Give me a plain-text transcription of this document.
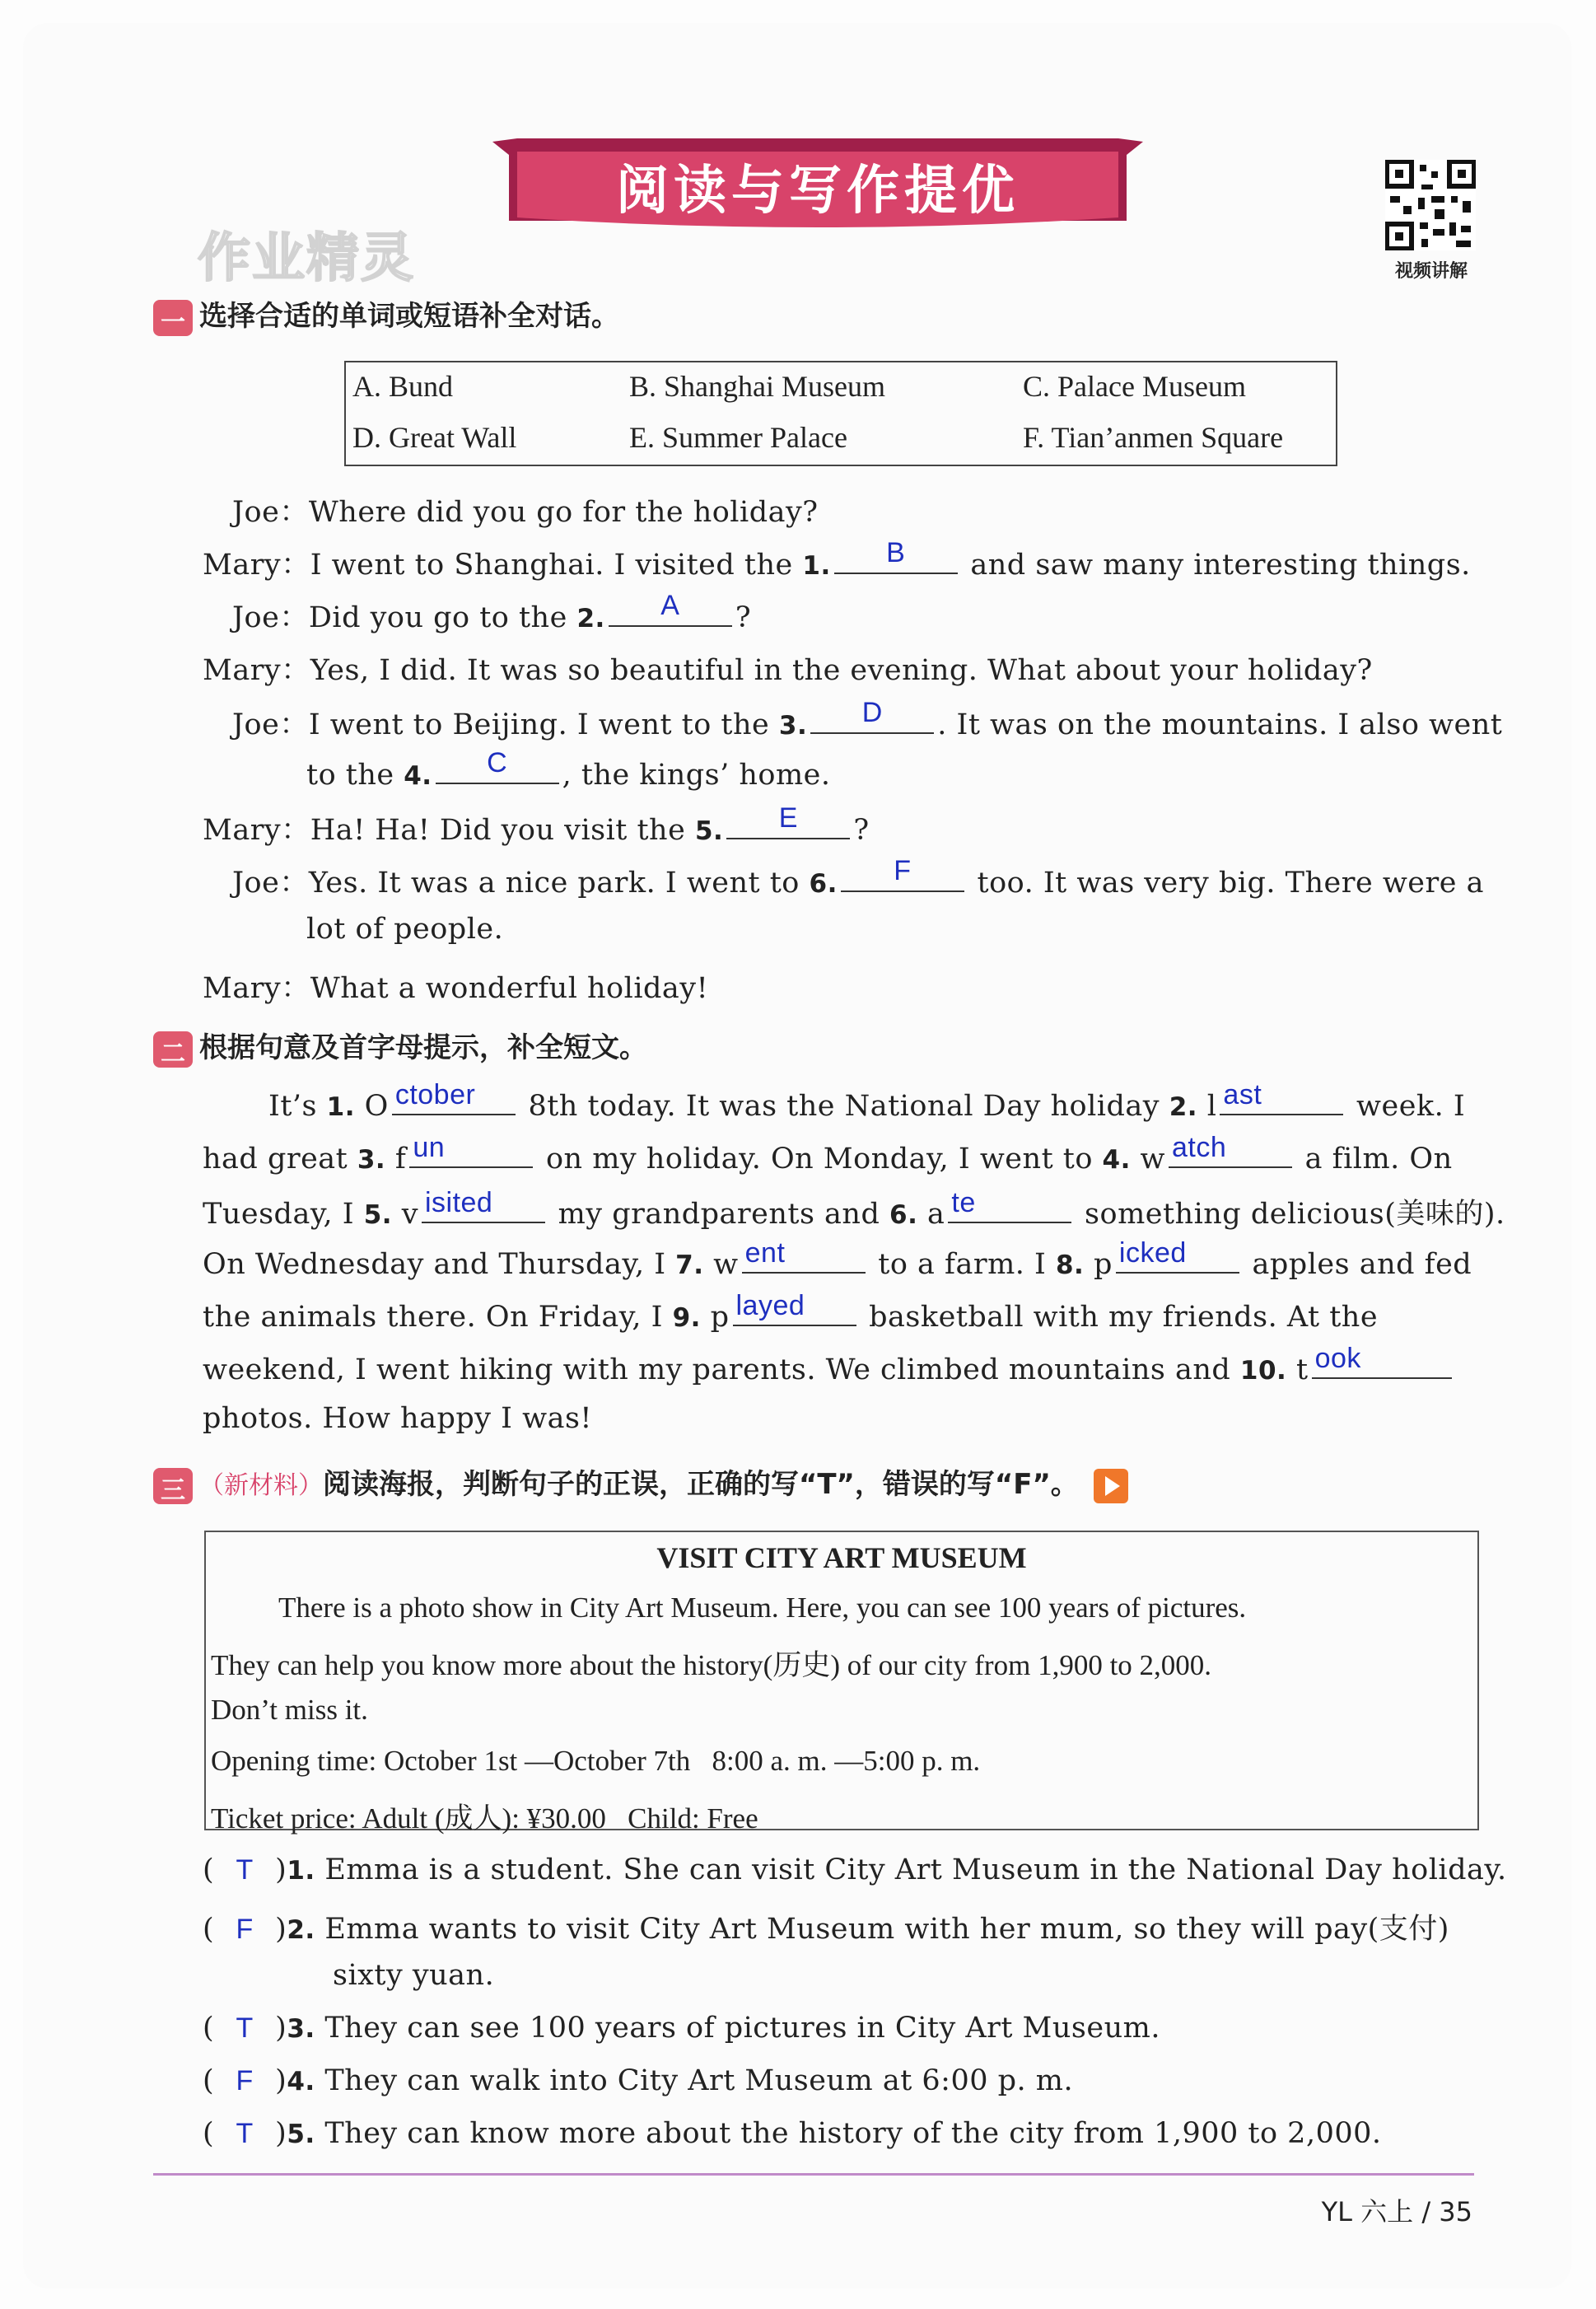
阅读与写作提优
视频讲解
作业精灵
一 选择合适的单词或短语补全对话。
A. Bund	B. Shanghai Museum	C. Palace Museum
D. Great Wall	E. Summer Palace	F. Tian’anmen Square
Joe：Where did you go for the holiday?
Mary：I went to Shanghai. I visited the 1.	B	and saw many interesting things.
Joe：Did you go to the 2.	A	?
Mary：Yes, I did. It was so beautiful in the evening. What about your holiday?
Joe：I went to Beijing. I went to the 3.	D	. It was on the mountains. I also went
to the 4.	C	, the kings’ home.
Mary：Ha! Ha! Did you visit the 5.	E	?
Joe：Yes. It was a nice park. I went to 6.	F	too. It was very big. There were a
lot of people.
Mary：What a wonderful holiday!
二 根据句意及首字母提示，补全短文。
It’s 1. O ctober 8th today. It was the National Day holiday 2. l ast	week. I
had great 3. f un	on my holiday. On Monday, I went to 4. w atch	a film. On
Tuesday, I 5. v isited my grandparents and 6. a te	something delicious(美味的).
On Wednesday and Thursday, I 7. w ent	to a farm. I 8. p icked apples and fed
the animals there. On Friday, I 9. p layed basketball with my friends. At the
weekend, I went hiking with my parents. We climbed mountains and 10. t ook
photos. How happy I was!
三 （新材料）阅读海报，判断句子的正误，正确的写“T”，错误的写“F”。
VISIT CITY ART MUSEUM
There is a photo show in City Art Museum. Here, you can see 100 years of pictures.
They can help you know more about the history(历史) of our city from 1,900 to 2,000.
Don’t miss it.
Opening time: October 1st —October 7th   8:00 a. m. —5:00 p. m.
Ticket price: Adult (成人): ¥30.00   Child: Free
( T )1. Emma is a student. She can visit City Art Museum in the National Day holiday.
( F )2. Emma wants to visit City Art Museum with her mum, so they will pay(支付)
sixty yuan.
( T )3. They can see 100 years of pictures in City Art Museum.
( F )4. They can walk into City Art Museum at 6:00 p. m.
( T )5. They can know more about the history of the city from 1,900 to 2,000.
YL 六上 / 35
